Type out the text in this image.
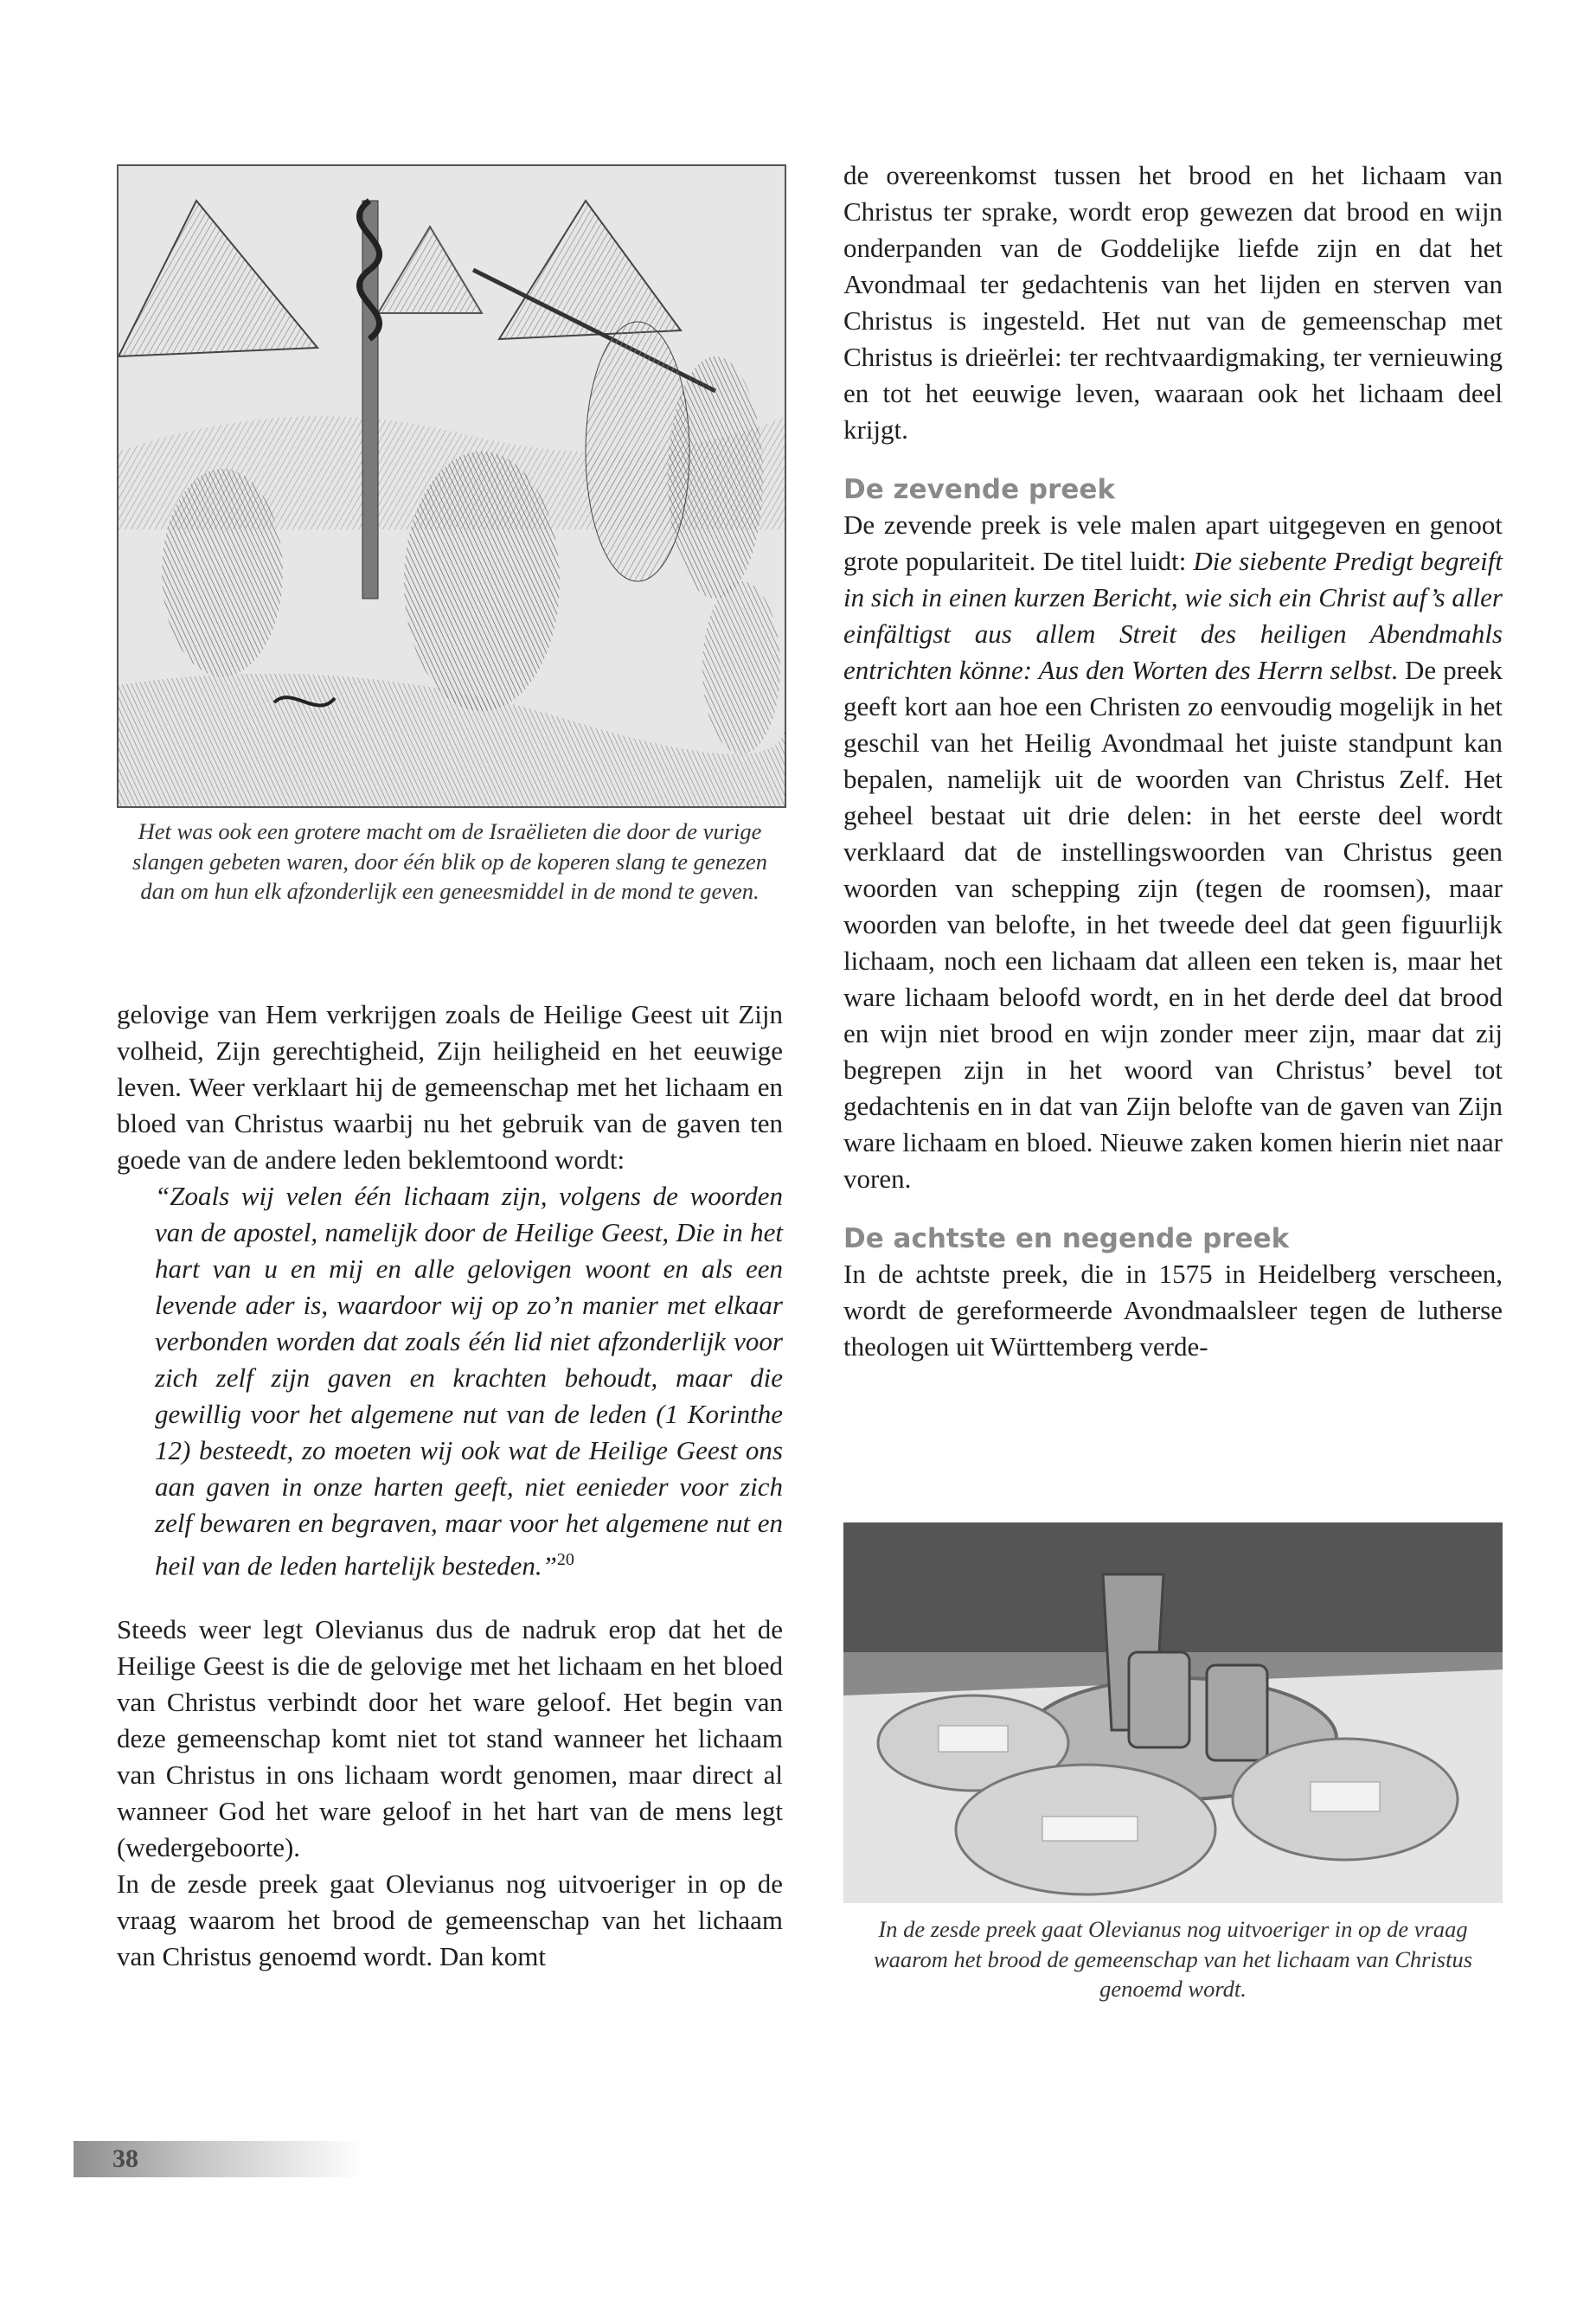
Het was ook een grotere macht om de Israëlieten die door de vurige slangen gebeten waren, door één blik op de koperen slang te genezen dan om hun elk afzonderlijk een geneesmiddel in de mond te geven.

gelovige van Hem verkrijgen zoals de Heilige Geest uit Zijn volheid, Zijn gerechtigheid, Zijn heiligheid en het eeuwige leven. Weer verklaart hij de gemeenschap met het lichaam en bloed van Christus waarbij nu het gebruik van de gaven ten goede van de andere leden beklemtoond wordt:

“Zoals wij velen één lichaam zijn, volgens de woorden van de apostel, namelijk door de Heilige Geest, Die in het hart van u en mij en alle gelovigen woont en als een levende ader is, waardoor wij op zo’n manier met elkaar verbonden worden dat zoals één lid niet afzonderlijk voor zich zelf zijn gaven en krachten behoudt, maar die gewillig voor het algemene nut van de leden (1 Korinthe 12) besteedt, zo moeten wij ook wat de Heilige Geest ons aan gaven in onze harten geeft, niet eenieder voor zich zelf bewaren en begraven, maar voor het algemene nut en heil van de leden hartelijk besteden.”$^{20}$

Steeds weer legt Olevianus dus de nadruk erop dat het de Heilige Geest is die de gelovige met het lichaam en het bloed van Christus verbindt door het ware geloof. Het begin van deze gemeenschap komt niet tot stand wanneer het lichaam van Christus in ons lichaam wordt genomen, maar direct al wanneer God het ware geloof in het hart van de mens legt (wedergeboorte).

In de zesde preek gaat Olevianus nog uitvoeriger in op de vraag waarom het brood de gemeenschap van het lichaam van Christus genoemd wordt. Dan komt

de overeenkomst tussen het brood en het lichaam van Christus ter sprake, wordt erop gewezen dat brood en wijn onderpanden van de Goddelijke liefde zijn en dat het Avondmaal ter gedachtenis van het lijden en sterven van Christus is ingesteld. Het nut van de gemeenschap met Christus is drieërlei: ter rechtvaardigmaking, ter vernieuwing en tot het eeuwige leven, waaraan ook het lichaam deel krijgt.

De zevende preek

De zevende preek is vele malen apart uitgegeven en genoot grote populariteit. De titel luidt: Die siebente Predigt begreift in sich in einen kurzen Bericht, wie sich ein Christ auf’s aller einfältigst aus allem Streit des heiligen Abendmahls entrichten könne: Aus den Worten des Herrn selbst. De preek geeft kort aan hoe een Christen zo eenvoudig mogelijk in het geschil van het Heilig Avondmaal het juiste standpunt kan bepalen, namelijk uit de woorden van Christus Zelf. Het geheel bestaat uit drie delen: in het eerste deel wordt verklaard dat de instellingswoorden van Christus geen woorden van schepping zijn (tegen de roomsen), maar woorden van belofte, in het tweede deel dat geen figuurlijk lichaam, noch een lichaam dat alleen een teken is, maar het ware lichaam beloofd wordt, en in het derde deel dat brood en wijn niet brood en wijn zonder meer zijn, maar dat zij begrepen zijn in het woord van Christus’ bevel tot gedachtenis en in dat van Zijn belofte van de gaven van Zijn ware lichaam en bloed. Nieuwe zaken komen hierin niet naar voren.

De achtste en negende preek

In de achtste preek, die in 1575 in Heidelberg verscheen, wordt de gereformeerde Avondmaalsleer tegen de lutherse theologen uit Württemberg verde-

In de zesde preek gaat Olevianus nog uitvoeriger in op de vraag waarom het brood de gemeenschap van het lichaam van Christus genoemd wordt.

38
